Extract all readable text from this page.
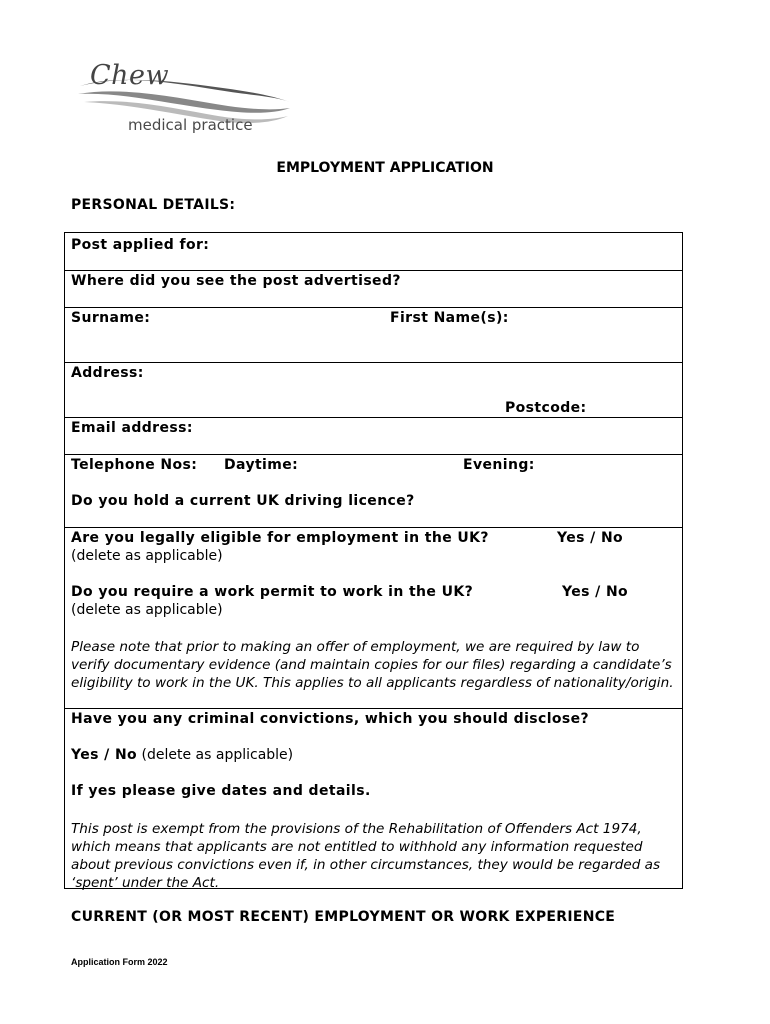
Chew
medical practice
EMPLOYMENT APPLICATION
PERSONAL DETAILS:
Post applied for:
Where did you see the post advertised?
Surname:	First Name(s):
Address:
Postcode:
Email address:
Telephone Nos: Daytime:	Evening:
Do you hold a current UK driving licence?
Are you legally eligible for employment in the UK?	Yes / No
(delete as applicable)
Do you require a work permit to work in the UK?	Yes / No
(delete as applicable)
Please note that prior to making an offer of employment, we are required by law to verify documentary evidence (and maintain copies for our files) regarding a candidate’s eligibility to work in the UK. This applies to all applicants regardless of nationality/origin.
Have you any criminal convictions, which you should disclose?
Yes / No (delete as applicable)
If yes please give dates and details.
This post is exempt from the provisions of the Rehabilitation of Offenders Act 1974, which means that applicants are not entitled to withhold any information requested about previous convictions even if, in other circumstances, they would be regarded as ‘spent’ under the Act.
CURRENT (OR MOST RECENT) EMPLOYMENT OR WORK EXPERIENCE
Application Form 2022
